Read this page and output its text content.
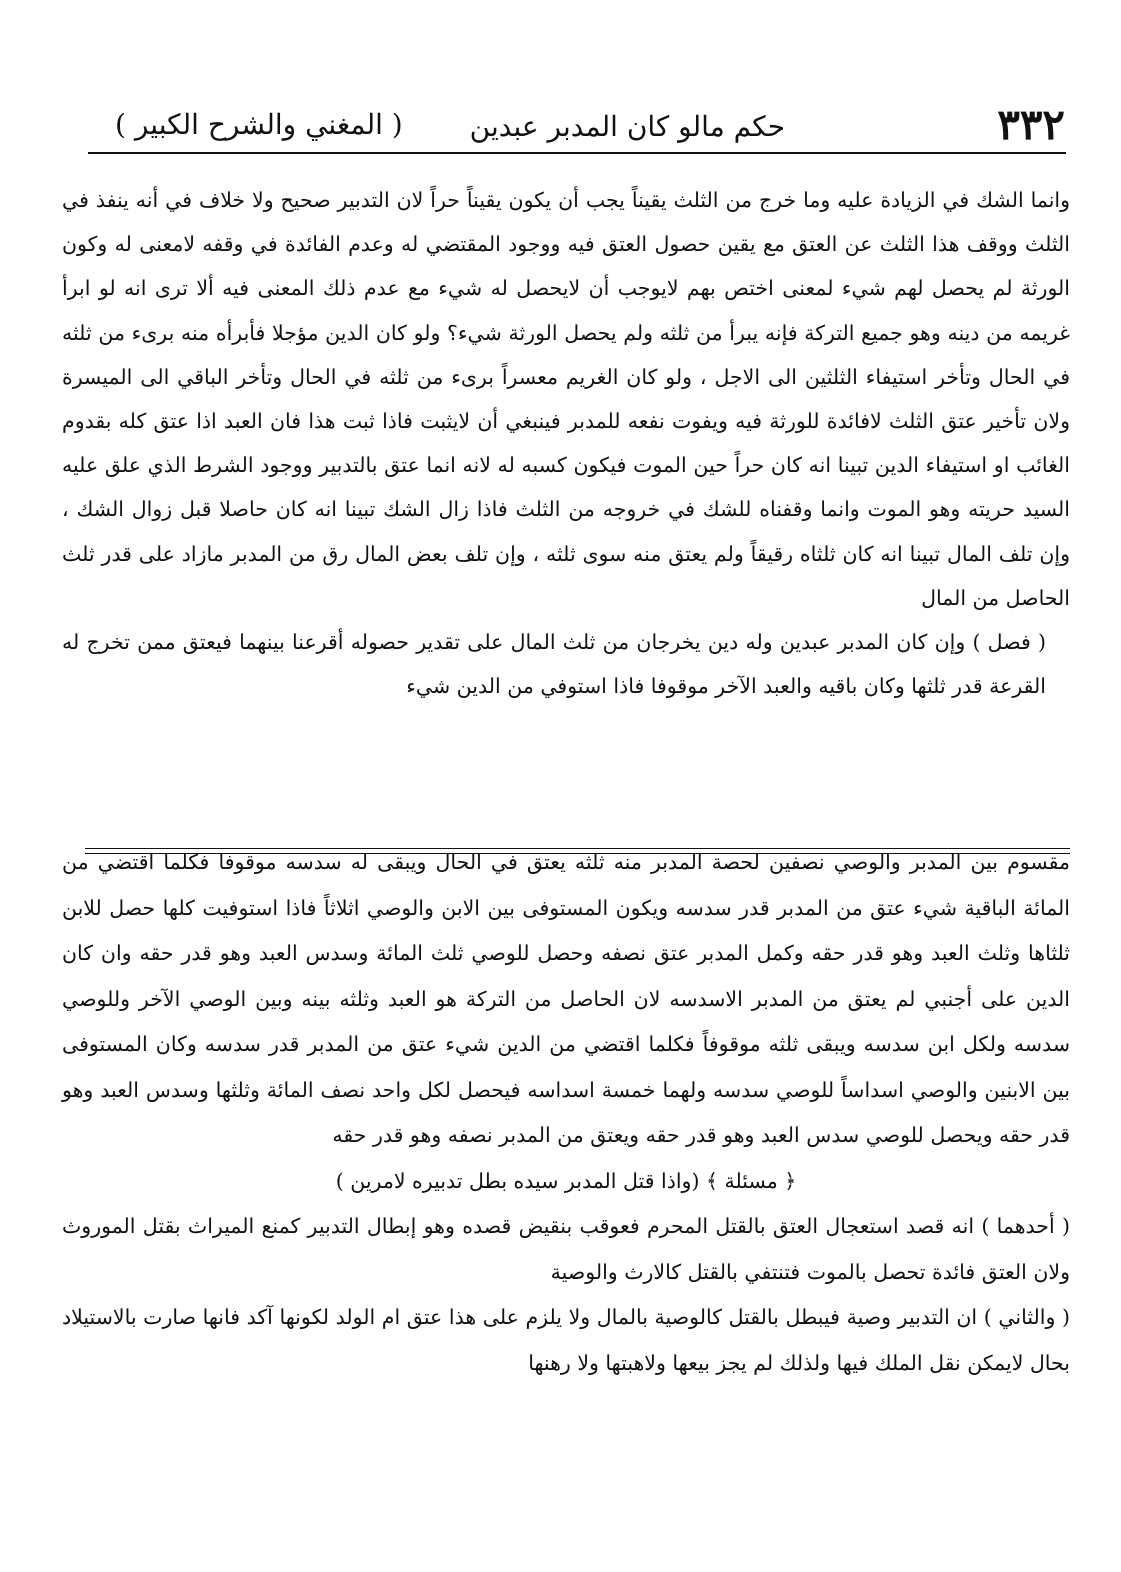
٣٣٢
حكم مالو كان المدبر عبدين
( المغني والشرح الكبير )

وانما الشك في الزيادة عليه وما خرج من الثلث يقيناً يجب أن يكون يقيناً حراً لان التدبير صحيح ولا خلاف في أنه ينفذ في الثلث ووقف هذا الثلث عن العتق مع يقين حصول العتق فيه ووجود المقتضي له وعدم الفائدة في وقفه لامعنى له وكون الورثة لم يحصل لهم شيء لمعنى اختص بهم لايوجب أن لايحصل له شيء مع عدم ذلك المعنى فيه ألا ترى انه لو ابرأ غريمه من دينه وهو جميع التركة فإنه يبرأ من ثلثه ولم يحصل الورثة شيء؟ ولو كان الدين مؤجلا فأبرأه منه برىء من ثلثه في الحال وتأخر استيفاء الثلثين الى الاجل ، ولو كان الغريم معسراً برىء من ثلثه في الحال وتأخر الباقي الى الميسرة ولان تأخير عتق الثلث لافائدة للورثة فيه ويفوت نفعه للمدبر فينبغي أن لايثبت فاذا ثبت هذا فان العبد اذا عتق كله بقدوم الغائب او استيفاء الدين تبينا انه كان حراً حين الموت فيكون كسبه له لانه انما عتق بالتدبير ووجود الشرط الذي علق عليه السيد حريته وهو الموت وانما وقفناه للشك في خروجه من الثلث فاذا زال الشك تبينا انه كان حاصلا قبل زوال الشك ، وإن تلف المال تبينا انه كان ثلثاه رقيقاً ولم يعتق منه سوى ثلثه ، وإن تلف بعض المال رق من المدبر مازاد على قدر ثلث الحاصل من المال

( فصل ) وإن كان المدبر عبدين وله دين يخرجان من ثلث المال على تقدير حصوله أقرعنا بينهما فيعتق ممن تخرج له القرعة قدر ثلثها وكان باقيه والعبد الآخر موقوفا فاذا استوفي من الدين شيء

مقسوم بين المدبر والوصي نصفين لحصة المدبر منه ثلثه يعتق في الحال ويبقى له سدسه موقوفا فكلما اقتضي من المائة الباقية شيء عتق من المدبر قدر سدسه ويكون المستوفى بين الابن والوصي اثلاثاً فاذا استوفيت كلها حصل للابن ثلثاها وثلث العبد وهو قدر حقه وكمل المدبر عتق نصفه وحصل للوصي ثلث المائة وسدس العبد وهو قدر حقه وان كان الدين على أجنبي لم يعتق من المدبر الاسدسه لان الحاصل من التركة هو العبد وثلثه بينه وبين الوصي الآخر وللوصي سدسه ولكل ابن سدسه ويبقى ثلثه موقوفاً فكلما اقتضي من الدين شيء عتق من المدبر قدر سدسه وكان المستوفى بين الابنين والوصي اسداساً للوصي سدسه ولهما خمسة اسداسه فيحصل لكل واحد نصف المائة وثلثها وسدس العبد وهو قدر حقه ويحصل للوصي سدس العبد وهو قدر حقه ويعتق من المدبر نصفه وهو قدر حقه

﴿ مسئلة ﴾ (واذا قتل المدبر سيده بطل تدبيره لامرين )

( أحدهما ) انه قصد استعجال العتق بالقتل المحرم فعوقب بنقيض قصده وهو إبطال التدبير كمنع الميراث بقتل الموروث ولان العتق فائدة تحصل بالموت فتنتفي بالقتل كالارث والوصية

( والثاني ) ان التدبير وصية فيبطل بالقتل كالوصية بالمال ولا يلزم على هذا عتق ام الولد لكونها آكد فانها صارت بالاستيلاد بحال لايمكن نقل الملك فيها ولذلك لم يجز بيعها ولاهبتها ولا رهنها
